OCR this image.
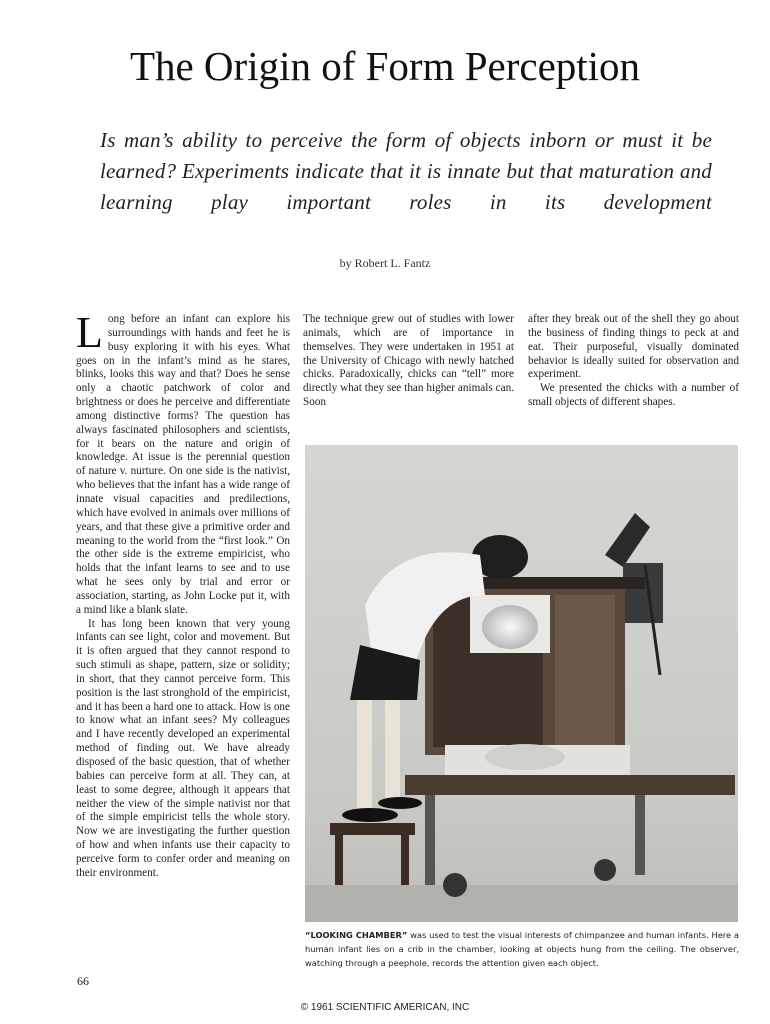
The Origin of Form Perception

Is man’s ability to perceive the form of objects inborn or must it be learned? Experiments indicate that it is innate but that maturation and learning play important roles in its development

by Robert L. Fantz

Long before an infant can explore his surroundings with hands and feet he is busy exploring it with his eyes. What goes on in the infant’s mind as he stares, blinks, looks this way and that? Does he sense only a chaotic patchwork of color and brightness or does he perceive and differentiate among distinctive forms? The question has always fascinated philosophers and scientists, for it bears on the nature and origin of knowledge. At issue is the perennial question of nature v. nurture. On one side is the nativist, who believes that the infant has a wide range of innate visual capacities and predilections, which have evolved in animals over millions of years, and that these give a primitive order and meaning to the world from the “first look.” On the other side is the extreme empiricist, who holds that the infant learns to see and to use what he sees only by trial and error or association, starting, as John Locke put it, with a mind like a blank slate.

It has long been known that very young infants can see light, color and movement. But it is often argued that they cannot respond to such stimuli as shape, pattern, size or solidity; in short, that they cannot perceive form. This position is the last stronghold of the empiricist, and it has been a hard one to attack. How is one to know what an infant sees? My colleagues and I have recently developed an experimental method of finding out. We have already disposed of the basic question, that of whether babies can perceive form at all. They can, at least to some degree, although it appears that neither the view of the simple nativist nor that of the simple empiricist tells the whole story. Now we are investigating the further question of how and when infants use their capacity to perceive form to confer order and meaning on their environment.

The technique grew out of studies with lower animals, which are of importance in themselves. They were undertaken in 1951 at the University of Chicago with newly hatched chicks. Paradoxically, chicks can “tell” more directly what they see than higher animals can. Soon

after they break out of the shell they go about the business of finding things to peck at and eat. Their purposeful, visually dominated behavior is ideally suited for observation and experiment.

We presented the chicks with a number of small objects of different shapes.

“LOOKING CHAMBER” was used to test the visual interests of chimpanzee and human infants. Here a human infant lies on a crib in the chamber, looking at objects hung from the ceiling. The observer, watching through a peephole, records the attention given each object.

66

© 1961 SCIENTIFIC AMERICAN, INC
